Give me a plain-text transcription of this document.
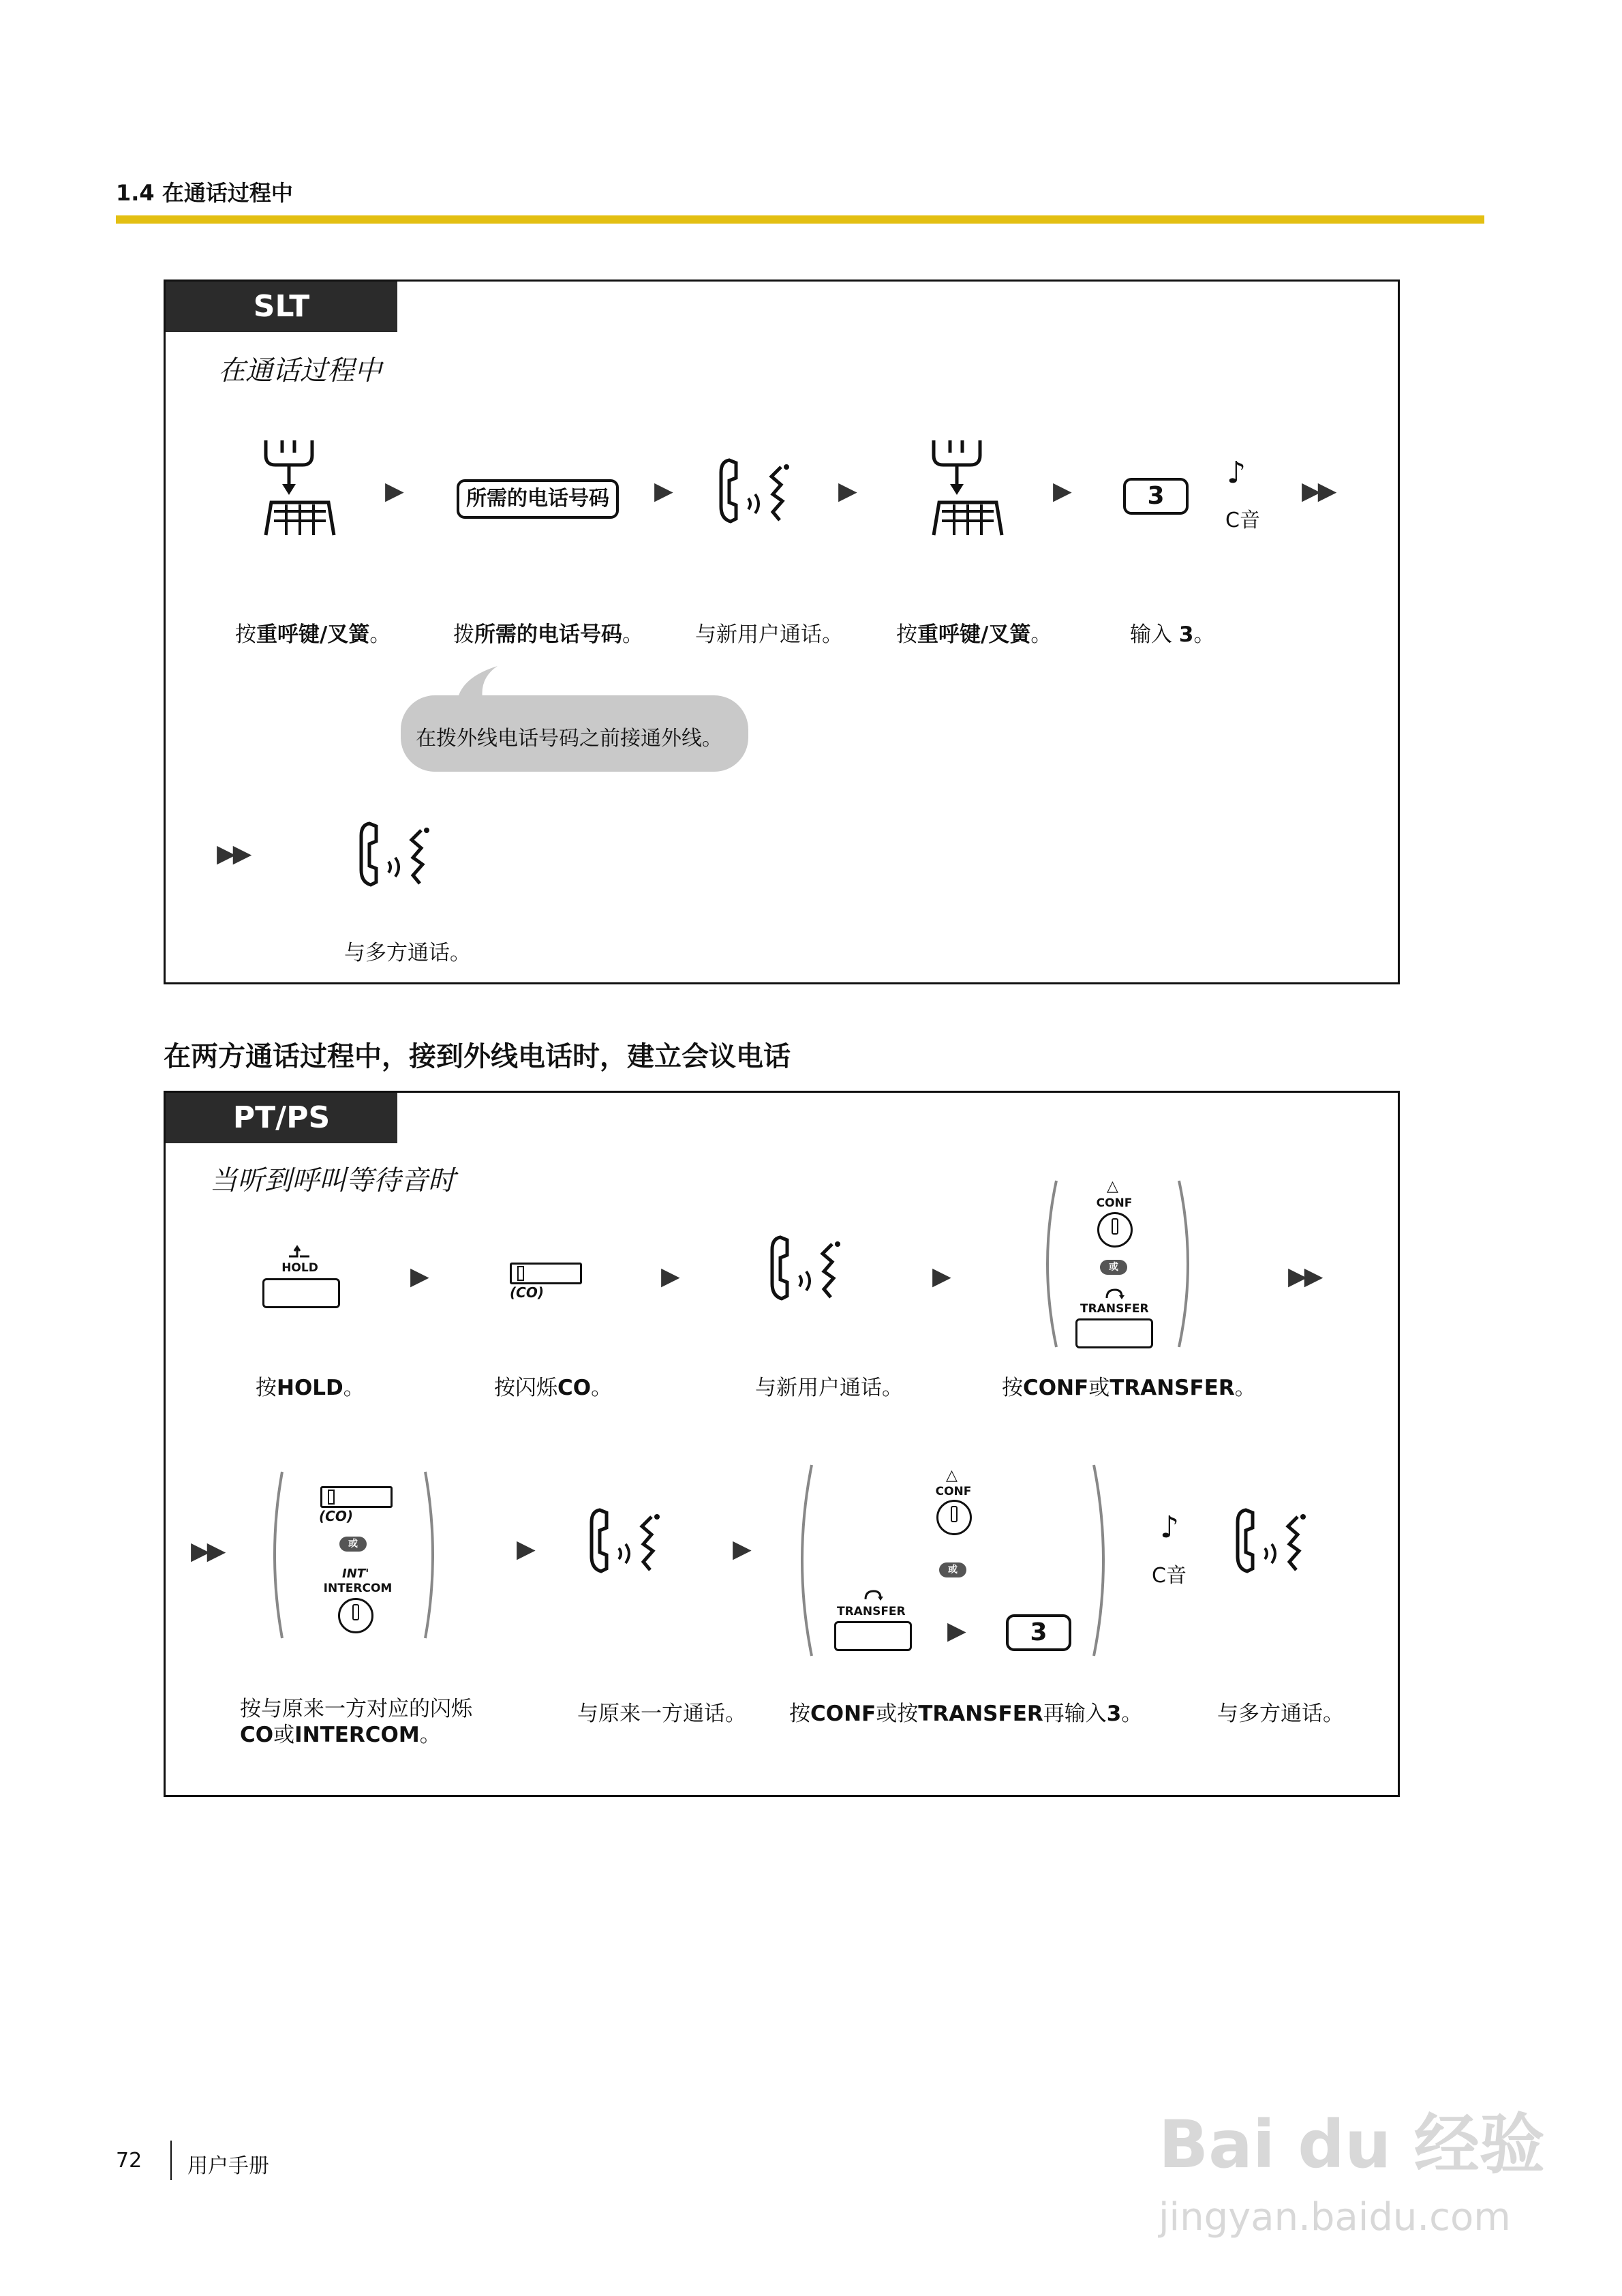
1.4 在通话过程中
SLT
在通话过程中
▶	所需的电话号码	▶	▶	▶	3
♪
C音
▶▶
按重呼键/叉簧。	拨所需的电话号码。 与新用户通话。	按重呼键/叉簧。	输入 3。
在拨外线电话号码之前接通外线。
▶▶
与多方通话。
在两方通话过程中，接到外线电话时，建立会议电话
PT/PS
当听到呼叫等待音时
HOLD	▶
(CO)
▶	▶
△
CONF
或
TRANSFER
▶▶
按HOLD。	按闪烁CO。	与新用户通话。	按CONF或TRANSFER。
▶▶
(CO)
或
INT'
INTERCOM
▶	▶
△
CONF
或
TRANSFER
▶	3
♪
C音
按与原来一方对应的闪烁
CO或INTERCOM。
与原来一方通话。 按CONF或按TRANSFER再输入3。	与多方通话。
72 用户手册	Bai du 经验
jingyan.baidu.com
